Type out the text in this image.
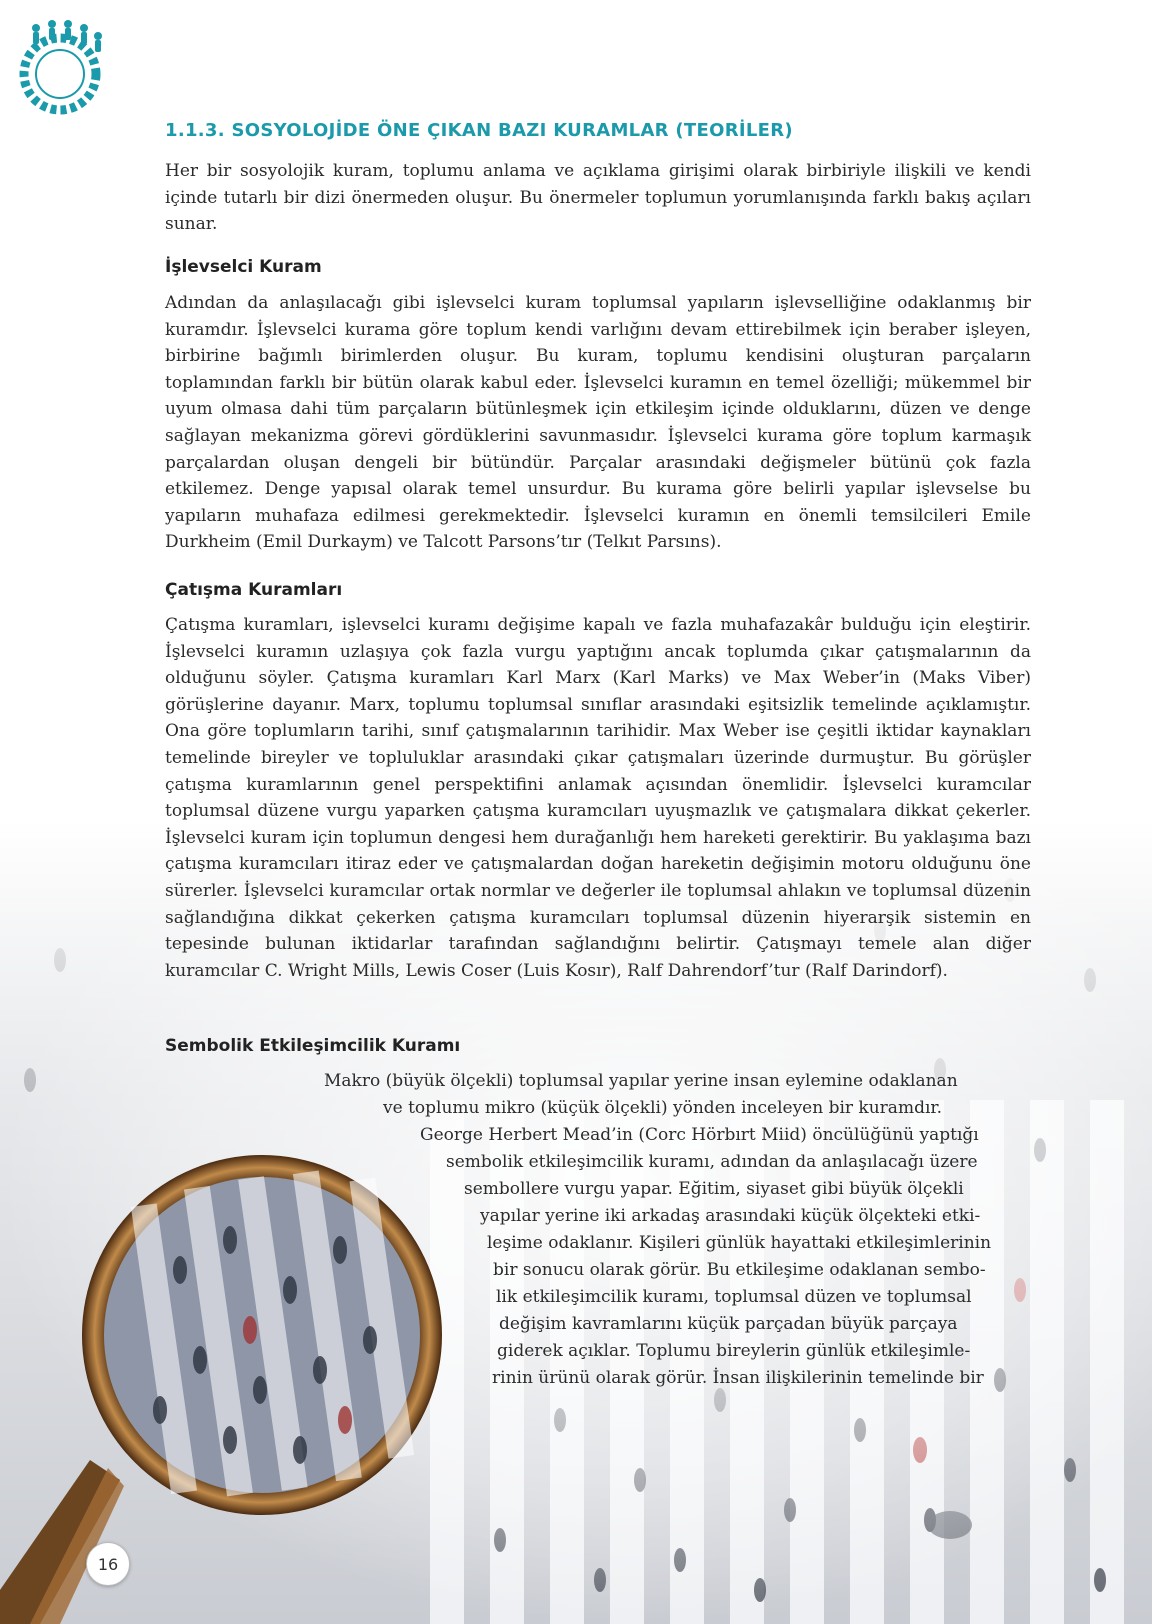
1.1.3. SOSYOLOJİDE ÖNE ÇIKAN BAZI KURAMLAR (TEORİLER)

Her bir sosyolojik kuram, toplumu anlama ve açıklama girişimi olarak birbiriyle ilişkili ve kendi içinde tutarlı bir dizi önermeden oluşur. Bu önermeler toplumun yorumlanışında farklı bakış açıları sunar.

İşlevselci Kuram

Adından da anlaşılacağı gibi işlevselci kuram toplumsal yapıların işlevselliğine odaklanmış bir kuramdır. İşlevselci kurama göre toplum kendi varlığını devam ettirebilmek için beraber işleyen, birbirine bağımlı birimlerden oluşur. Bu kuram, toplumu kendisini oluşturan parçaların toplamından farklı bir bütün olarak kabul eder. İşlevselci kuramın en temel özelliği; mükemmel bir uyum olmasa dahi tüm parçaların bütünleşmek için etkileşim içinde olduklarını, düzen ve denge sağlayan mekanizma görevi gördüklerini savunmasıdır. İşlevselci kurama göre toplum karmaşık parçalardan oluşan dengeli bir bütündür. Parçalar arasındaki değişmeler bütünü çok fazla etkilemez. Denge yapısal olarak temel unsurdur. Bu kurama göre belirli yapılar işlevselse bu yapıların muhafaza edilmesi gerekmektedir. İşlevselci kuramın en önemli temsilcileri Emile Durkheim (Emil Durkaym) ve Talcott Parsons’tır (Telkıt Parsıns).

Çatışma Kuramları

Çatışma kuramları, işlevselci kuramı değişime kapalı ve fazla muhafazakâr bulduğu için eleştirir. İşlevselci kuramın uzlaşıya çok fazla vurgu yaptığını ancak toplumda çıkar çatışmalarının da olduğunu söyler. Çatışma kuramları Karl Marx (Karl Marks) ve Max Weber’in (Maks Viber) görüşlerine dayanır. Marx, toplumu toplumsal sınıflar arasındaki eşitsizlik temelinde açıklamıştır. Ona göre toplumların tarihi, sınıf çatışmalarının tarihidir. Max Weber ise çeşitli iktidar kaynakları temelinde bireyler ve topluluklar arasındaki çıkar çatışmaları üzerinde durmuştur. Bu görüşler çatışma kuramlarının genel perspektifini anlamak açısından önemlidir. İşlevselci kuramcılar toplumsal düzene vurgu yaparken çatışma kuramcıları uyuşmazlık ve çatışmalara dikkat çekerler. İşlevselci kuram için toplumun dengesi hem durağanlığı hem hareketi gerektirir. Bu yaklaşıma bazı çatışma kuramcıları itiraz eder ve çatışmalardan doğan hareketin değişimin motoru olduğunu öne sürerler. İşlevselci kuramcılar ortak normlar ve değerler ile toplumsal ahlakın ve toplumsal düzenin sağlandığına dikkat çekerken çatışma kuramcıları toplumsal düzenin hiyerarşik sistemin en tepesinde bulunan iktidarlar tarafından sağlandığını belirtir. Çatışmayı temele alan diğer kuramcılar C. Wright Mills, Lewis Coser (Luis Kosır), Ralf Dahrendorf’tur (Ralf Darindorf).

Sembolik Etkileşimcilik Kuramı

Makro (büyük ölçekli) toplumsal yapılar yerine insan eylemine odaklanan

ve toplumu mikro (küçük ölçekli) yönden inceleyen bir kuramdır.

George Herbert Mead’in (Corc Hörbırt Miid) öncülüğünü yaptığı

sembolik etkileşimcilik kuramı, adından da anlaşılacağı üzere

sembollere vurgu yapar. Eğitim, siyaset gibi büyük ölçekli

yapılar yerine iki arkadaş arasındaki küçük ölçekteki etki-

leşime odaklanır. Kişileri günlük hayattaki etkileşimlerinin

bir sonucu olarak görür. Bu etkileşime odaklanan sembo-

lik etkileşimcilik kuramı, toplumsal düzen ve toplumsal

değişim kavramlarını küçük parçadan büyük parçaya

giderek açıklar. Toplumu bireylerin günlük etkileşimle-

rinin ürünü olarak görür. İnsan ilişkilerinin temelinde bir

16
